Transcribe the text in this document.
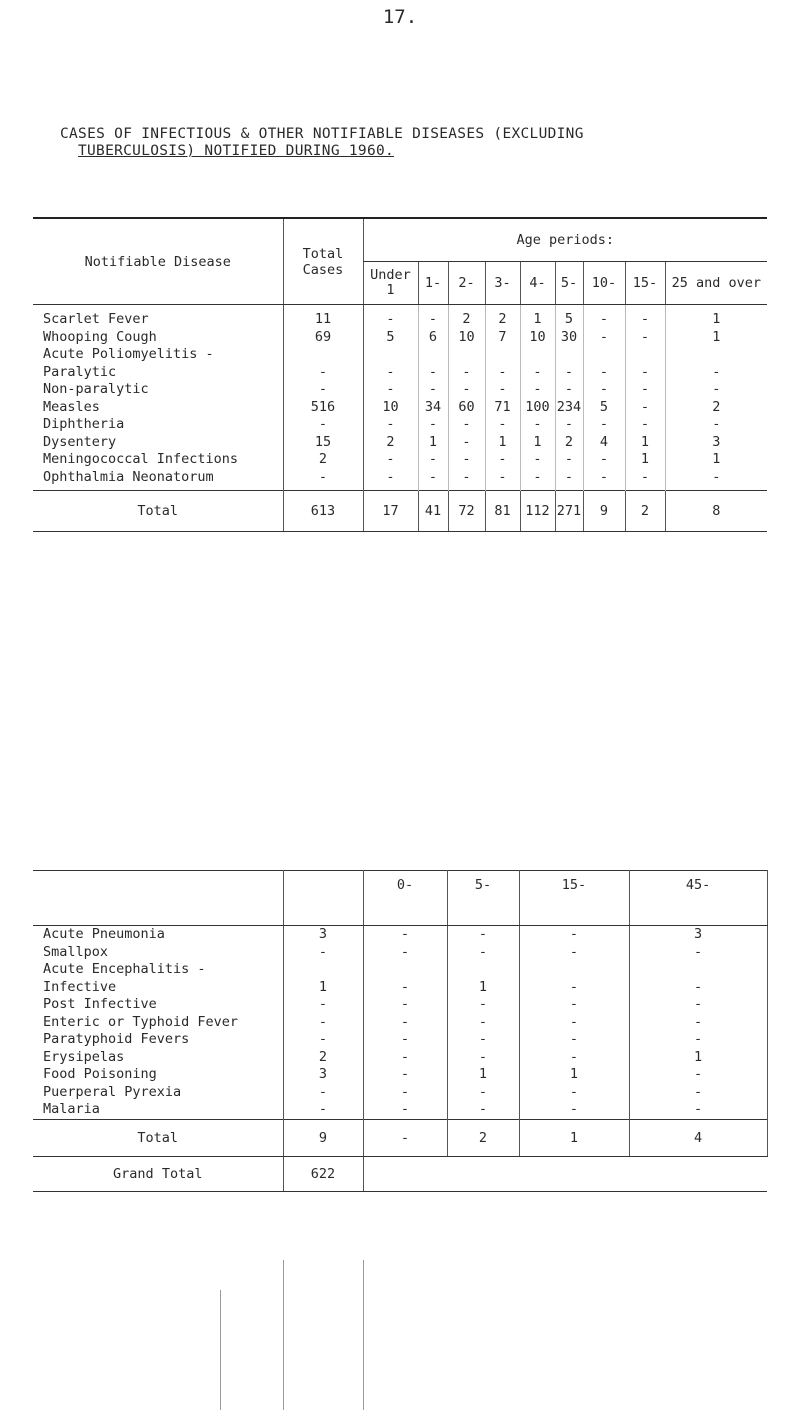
17.
CASES OF INFECTIOUS & OTHER NOTIFIABLE DISEASES (EXCLUDING
TUBERCULOSIS) NOTIFIED DURING 1960.
Notifiable Disease	Total Cases	Age periods:								
		Under 1	1-	2-	3-	4-	5-	10-	15-	25 and over
Scarlet Fever	11	-	-	2	2	1	5	-	-	1
Whooping Cough	69	5	6	10	7	10	30	-	-	1
Acute Poliomyelitis -										
Paralytic	-	-	-	-	-	-	-	-	-	-
Non-paralytic	-	-	-	-	-	-	-	-	-	-
Measles	516	10	34	60	71	100	234	5	-	2
Diphtheria	-	-	-	-	-	-	-	-	-	-
Dysentery	15	2	1	-	1	1	2	4	1	3
Meningococcal Infections	2	-	-	-	-	-	-	-	1	1
Ophthalmia Neonatorum	-	-	-	-	-	-	-	-	-	-
Total	613	17	41	72	81	112	271	9	2	8
		0-	5-	15-	45-	
Acute Pneumonia	3	-	-	-	3	
Smallpox	-	-	-	-	-	
Acute Encephalitis -						
Infective	1	-	1	-	-	
Post Infective	-	-	-	-	-	
Enteric or Typhoid Fever	-	-	-	-	-	
Paratyphoid Fevers	-	-	-	-	-	
Erysipelas	2	-	-	-	1	
Food Poisoning	3	-	1	1	-	
Puerperal Pyrexia	-	-	-	-	-	
Malaria	-	-	-	-	-	
Total	9	-	2	1	4	
Grand Total	622					
